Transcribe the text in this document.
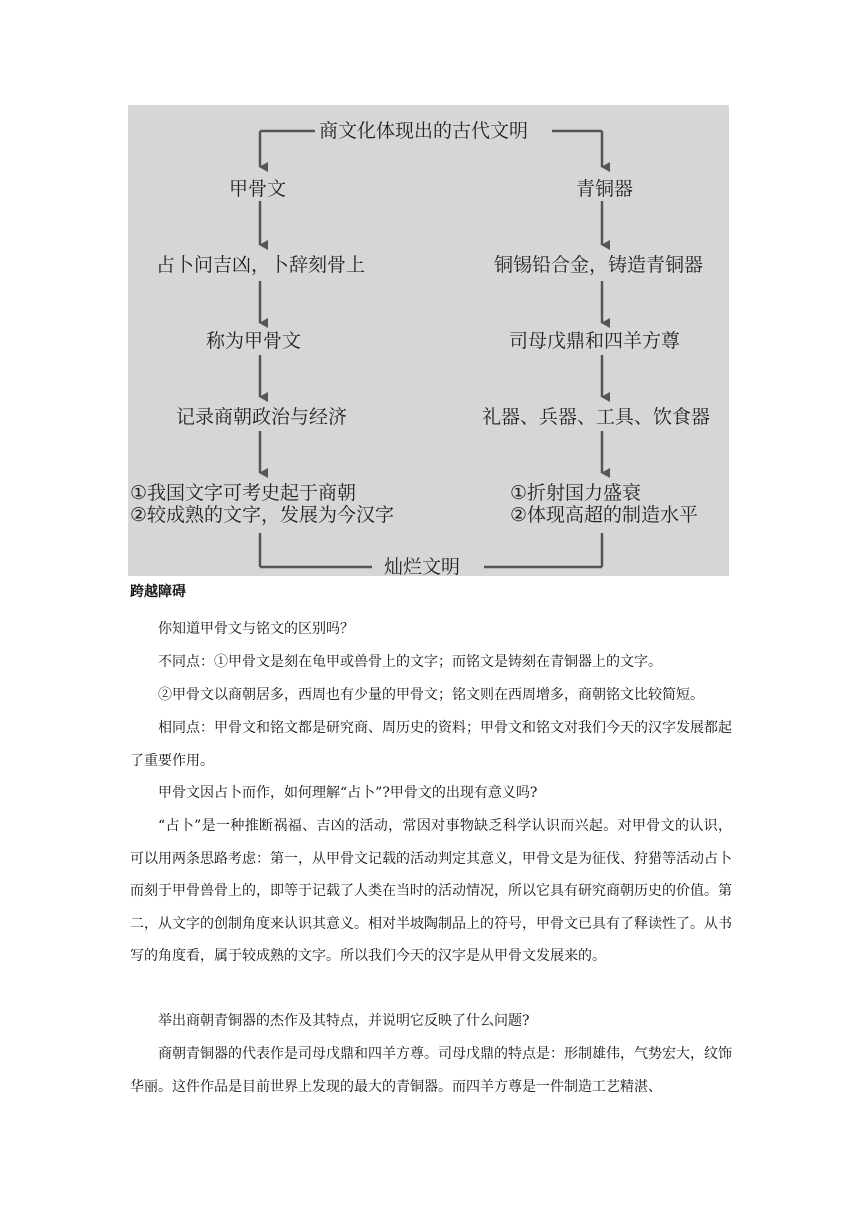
商文化体现出的古代文明
甲骨文
占卜问吉凶，卜辞刻骨上
称为甲骨文
记录商朝政治与经济
①我国文字可考史起于商朝
②较成熟的文字，发展为今汉字
青铜器
铜锡铅合金，铸造青铜器
司母戊鼎和四羊方尊
礼器、兵器、工具、饮食器
①折射国力盛衰
②体现高超的制造水平
灿烂文明
跨越障碍

你知道甲骨文与铭文的区别吗？

不同点：①甲骨文是刻在龟甲或兽骨上的文字；而铭文是铸刻在青铜器上的文字。

②甲骨文以商朝居多，西周也有少量的甲骨文；铭文则在西周增多，商朝铭文比较简短。

相同点：甲骨文和铭文都是研究商、周历史的资料；甲骨文和铭文对我们今天的汉字发展都起了重要作用。

甲骨文因占卜而作，如何理解“占卜”?甲骨文的出现有意义吗?

“占卜”是一种推断祸福、吉凶的活动，常因对事物缺乏科学认识而兴起。对甲骨文的认识，可以用两条思路考虑：第一，从甲骨文记载的活动判定其意义，甲骨文是为征伐、狩猎等活动占卜而刻于甲骨兽骨上的，即等于记载了人类在当时的活动情况，所以它具有研究商朝历史的价值。第二，从文字的创制角度来认识其意义。相对半坡陶制品上的符号，甲骨文已具有了释读性了。从书写的角度看，属于较成熟的文字。所以我们今天的汉字是从甲骨文发展来的。

举出商朝青铜器的杰作及其特点，并说明它反映了什么问题?

商朝青铜器的代表作是司母戊鼎和四羊方尊。司母戊鼎的特点是：形制雄伟，气势宏大，纹饰华丽。这件作品是目前世界上发现的最大的青铜器。而四羊方尊是一件制造工艺精湛、
